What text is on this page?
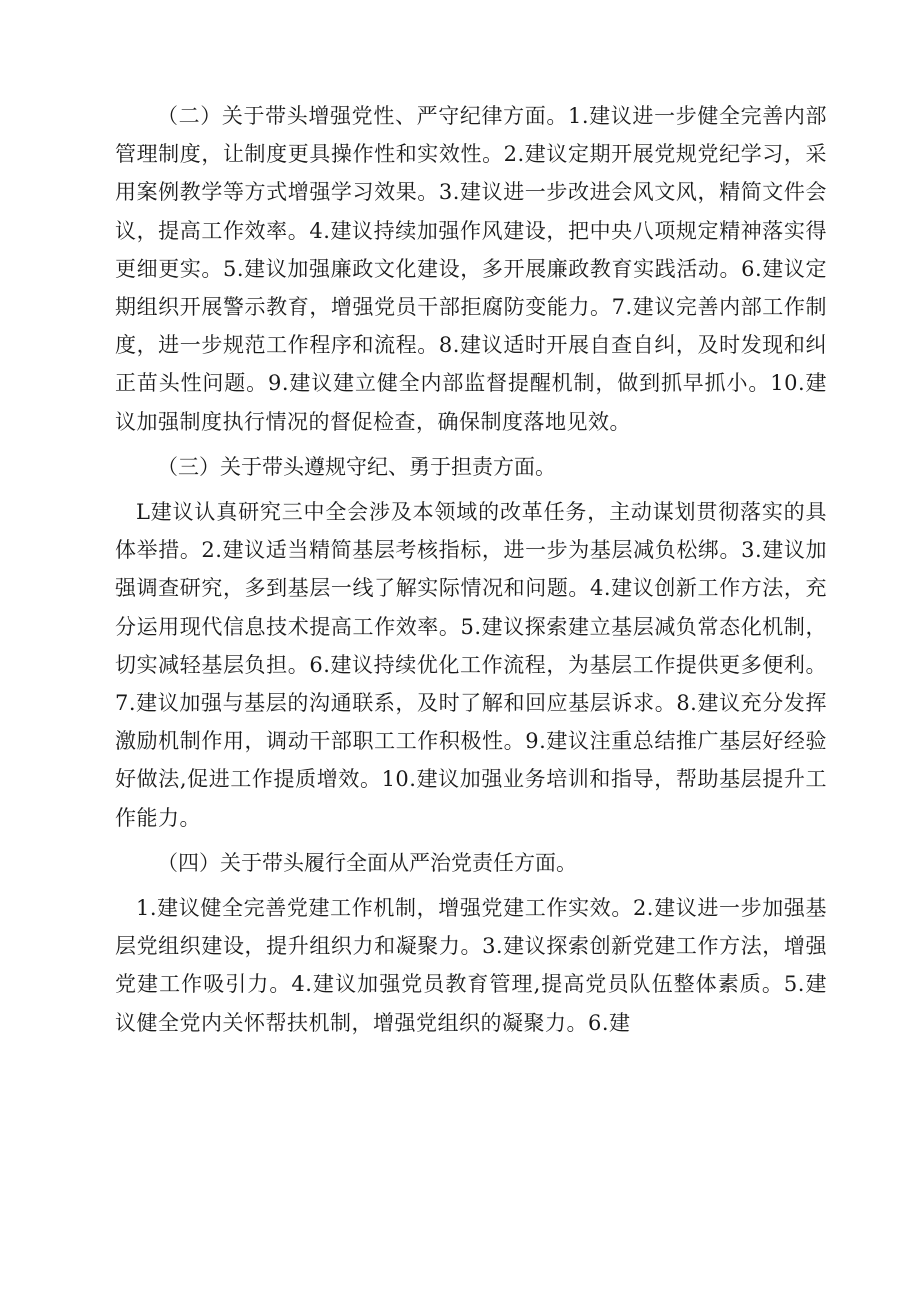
（二）关于带头增强党性、严守纪律方面。1.建议进一步健全完善内部管理制度，让制度更具操作性和实效性。2.建议定期开展党规党纪学习，采用案例教学等方式增强学习效果。3.建议进一步改进会风文风，精简文件会议，提高工作效率。4.建议持续加强作风建设，把中央八项规定精神落实得更细更实。5.建议加强廉政文化建设，多开展廉政教育实践活动。6.建议定期组织开展警示教育，增强党员干部拒腐防变能力。7.建议完善内部工作制度，进一步规范工作程序和流程。8.建议适时开展自查自纠，及时发现和纠正苗头性问题。9.建议建立健全内部监督提醒机制，做到抓早抓小。10.建议加强制度执行情况的督促检查，确保制度落地见效。

（三）关于带头遵规守纪、勇于担责方面。

L建议认真研究三中全会涉及本领域的改革任务，主动谋划贯彻落实的具体举措。2.建议适当精简基层考核指标，进一步为基层减负松绑。3.建议加强调查研究，多到基层一线了解实际情况和问题。4.建议创新工作方法，充分运用现代信息技术提高工作效率。5.建议探索建立基层减负常态化机制，切实减轻基层负担。6.建议持续优化工作流程，为基层工作提供更多便利。7.建议加强与基层的沟通联系，及时了解和回应基层诉求。8.建议充分发挥激励机制作用，调动干部职工工作积极性。9.建议注重总结推广基层好经验好做法,促进工作提质增效。10.建议加强业务培训和指导，帮助基层提升工作能力。

（四）关于带头履行全面从严治党责任方面。

1.建议健全完善党建工作机制，增强党建工作实效。2.建议进一步加强基层党组织建设，提升组织力和凝聚力。3.建议探索创新党建工作方法，增强党建工作吸引力。4.建议加强党员教育管理,提高党员队伍整体素质。5.建议健全党内关怀帮扶机制，增强党组织的凝聚力。6.建
